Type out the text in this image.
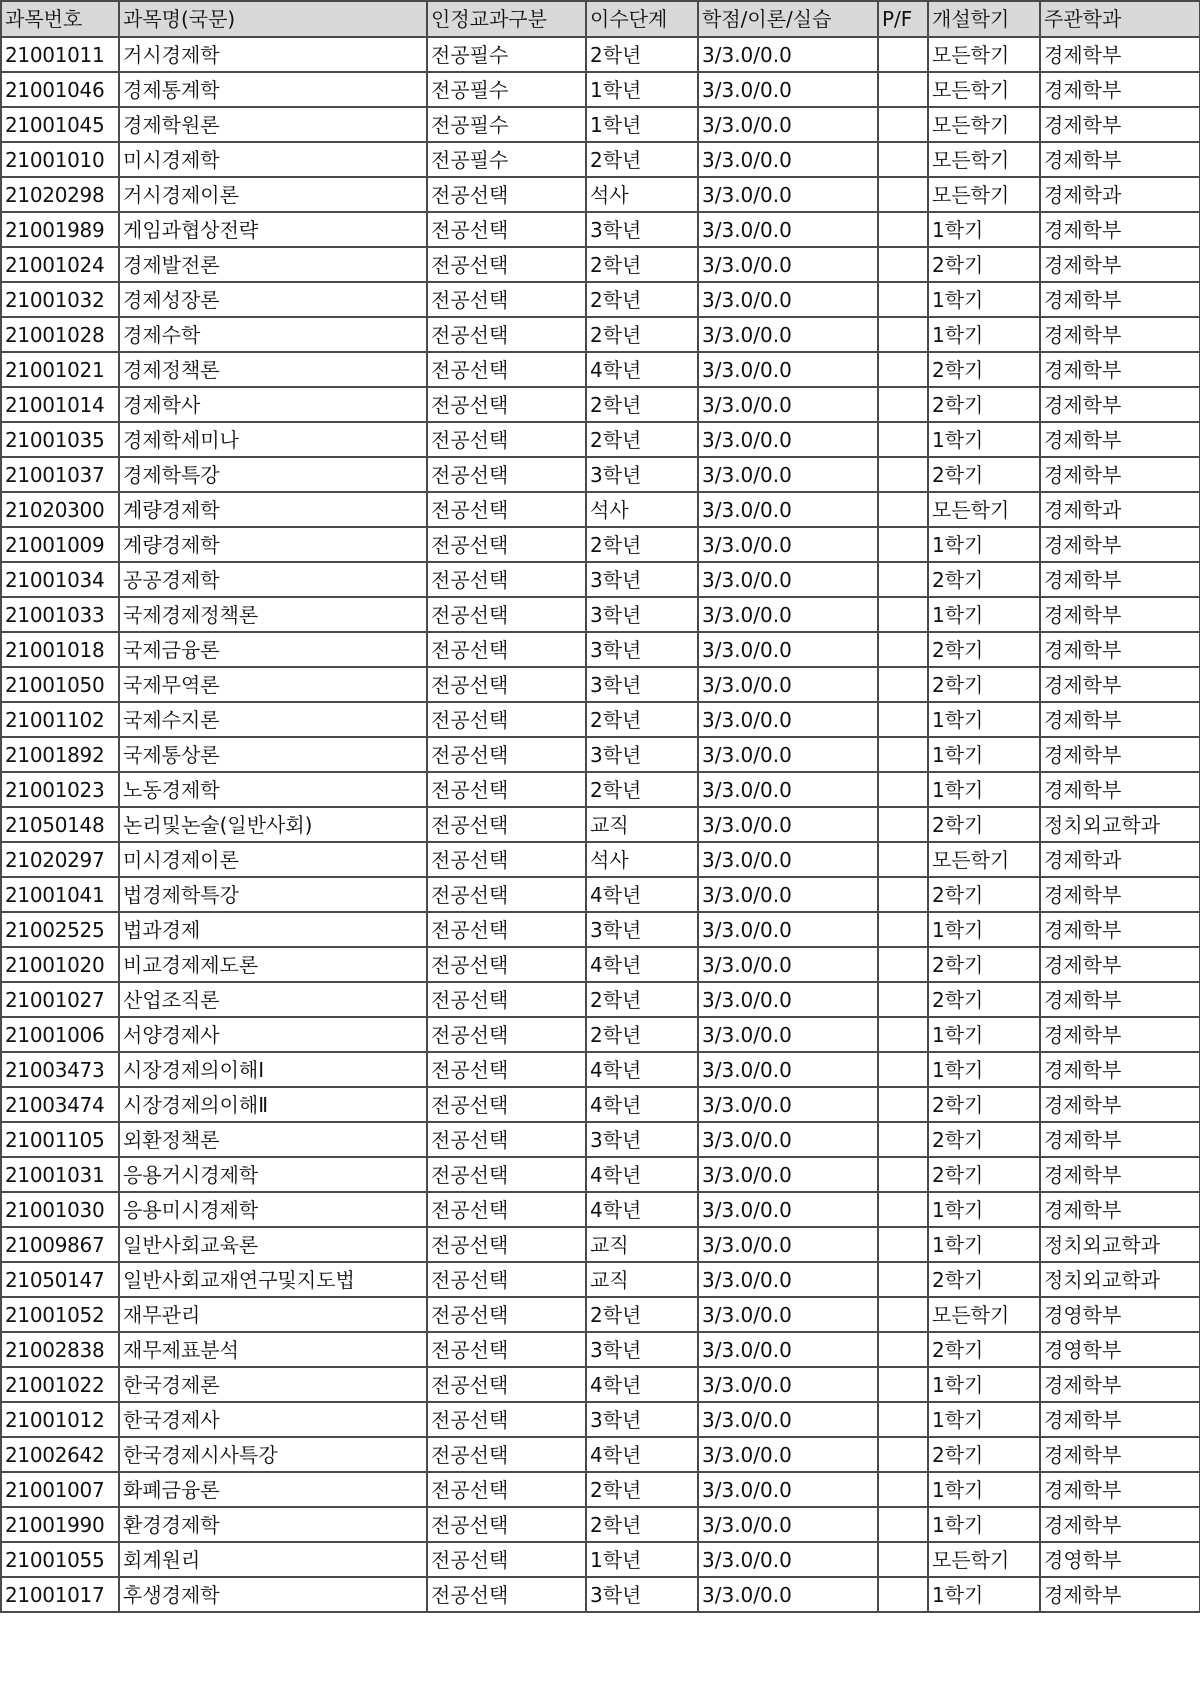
과목번호	과목명(국문)	인정교과구분	이수단계	학점/이론/실습	P/F	개설학기	주관학과
21001011	거시경제학	전공필수	2학년	3/3.0/0.0		모든학기	경제학부
21001046	경제통계학	전공필수	1학년	3/3.0/0.0		모든학기	경제학부
21001045	경제학원론	전공필수	1학년	3/3.0/0.0		모든학기	경제학부
21001010	미시경제학	전공필수	2학년	3/3.0/0.0		모든학기	경제학부
21020298	거시경제이론	전공선택	석사	3/3.0/0.0		모든학기	경제학과
21001989	게임과협상전략	전공선택	3학년	3/3.0/0.0		1학기	경제학부
21001024	경제발전론	전공선택	2학년	3/3.0/0.0		2학기	경제학부
21001032	경제성장론	전공선택	2학년	3/3.0/0.0		1학기	경제학부
21001028	경제수학	전공선택	2학년	3/3.0/0.0		1학기	경제학부
21001021	경제정책론	전공선택	4학년	3/3.0/0.0		2학기	경제학부
21001014	경제학사	전공선택	2학년	3/3.0/0.0		2학기	경제학부
21001035	경제학세미나	전공선택	2학년	3/3.0/0.0		1학기	경제학부
21001037	경제학특강	전공선택	3학년	3/3.0/0.0		2학기	경제학부
21020300	계량경제학	전공선택	석사	3/3.0/0.0		모든학기	경제학과
21001009	계량경제학	전공선택	2학년	3/3.0/0.0		1학기	경제학부
21001034	공공경제학	전공선택	3학년	3/3.0/0.0		2학기	경제학부
21001033	국제경제정책론	전공선택	3학년	3/3.0/0.0		1학기	경제학부
21001018	국제금융론	전공선택	3학년	3/3.0/0.0		2학기	경제학부
21001050	국제무역론	전공선택	3학년	3/3.0/0.0		2학기	경제학부
21001102	국제수지론	전공선택	2학년	3/3.0/0.0		1학기	경제학부
21001892	국제통상론	전공선택	3학년	3/3.0/0.0		1학기	경제학부
21001023	노동경제학	전공선택	2학년	3/3.0/0.0		1학기	경제학부
21050148	논리및논술(일반사회)	전공선택	교직	3/3.0/0.0		2학기	정치외교학과
21020297	미시경제이론	전공선택	석사	3/3.0/0.0		모든학기	경제학과
21001041	법경제학특강	전공선택	4학년	3/3.0/0.0		2학기	경제학부
21002525	법과경제	전공선택	3학년	3/3.0/0.0		1학기	경제학부
21001020	비교경제제도론	전공선택	4학년	3/3.0/0.0		2학기	경제학부
21001027	산업조직론	전공선택	2학년	3/3.0/0.0		2학기	경제학부
21001006	서양경제사	전공선택	2학년	3/3.0/0.0		1학기	경제학부
21003473	시장경제의이해Ⅰ	전공선택	4학년	3/3.0/0.0		1학기	경제학부
21003474	시장경제의이해Ⅱ	전공선택	4학년	3/3.0/0.0		2학기	경제학부
21001105	외환정책론	전공선택	3학년	3/3.0/0.0		2학기	경제학부
21001031	응용거시경제학	전공선택	4학년	3/3.0/0.0		2학기	경제학부
21001030	응용미시경제학	전공선택	4학년	3/3.0/0.0		1학기	경제학부
21009867	일반사회교육론	전공선택	교직	3/3.0/0.0		1학기	정치외교학과
21050147	일반사회교재연구및지도법	전공선택	교직	3/3.0/0.0		2학기	정치외교학과
21001052	재무관리	전공선택	2학년	3/3.0/0.0		모든학기	경영학부
21002838	재무제표분석	전공선택	3학년	3/3.0/0.0		2학기	경영학부
21001022	한국경제론	전공선택	4학년	3/3.0/0.0		1학기	경제학부
21001012	한국경제사	전공선택	3학년	3/3.0/0.0		1학기	경제학부
21002642	한국경제시사특강	전공선택	4학년	3/3.0/0.0		2학기	경제학부
21001007	화폐금융론	전공선택	2학년	3/3.0/0.0		1학기	경제학부
21001990	환경경제학	전공선택	2학년	3/3.0/0.0		1학기	경제학부
21001055	회계원리	전공선택	1학년	3/3.0/0.0		모든학기	경영학부
21001017	후생경제학	전공선택	3학년	3/3.0/0.0		1학기	경제학부
